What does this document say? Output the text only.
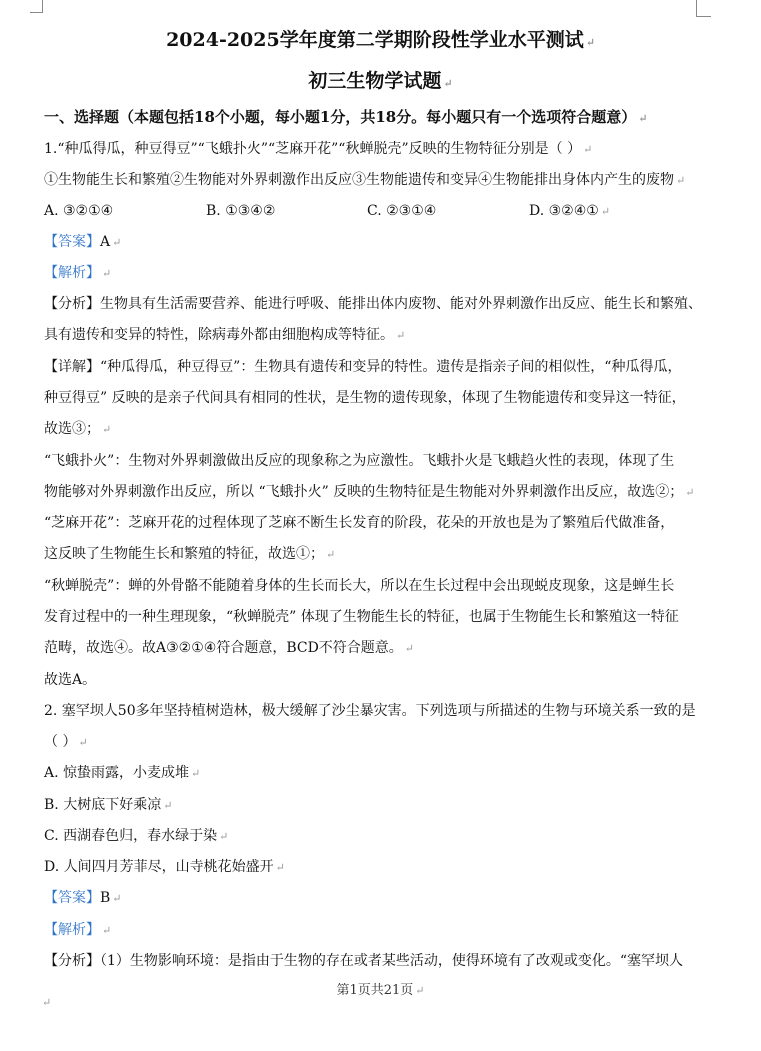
2024-2025学年度第二学期阶段性学业水平测试 ↵
初三生物学试题 ↵
一、选择题（本题包括18个小题，每小题1分，共18分。每小题只有一个选项符合题意） ↵
1.“种瓜得瓜，种豆得豆”“飞蛾扑火”“芝麻开花”“秋蝉脱壳”反映的生物特征分别是（ ） ↵
①生物能生长和繁殖②生物能对外界刺激作出反应③生物能遗传和变异④生物能排出身体内产生的废物 ↵
A. ③②①④	B. ①③④②	C. ②③①④	D. ③②④① ↵
【答案】A ↵
【解析】 ↵
【分析】生物具有生活需要营养、能进行呼吸、能排出体内废物、能对外界刺激作出反应、能生长和繁殖、
具有遗传和变异的特性，除病毒外都由细胞构成等特征。 ↵
【详解】“种瓜得瓜，种豆得豆”：生物具有遗传和变异的特性。遗传是指亲子间的相似性，“种瓜得瓜，
种豆得豆” 反映的是亲子代间具有相同的性状，是生物的遗传现象，体现了生物能遗传和变异这一特征，
故选③； ↵
“飞蛾扑火”：生物对外界刺激做出反应的现象称之为应激性。飞蛾扑火是飞蛾趋火性的表现，体现了生
物能够对外界刺激作出反应，所以 “飞蛾扑火” 反映的生物特征是生物能对外界刺激作出反应，故选②； ↵
“芝麻开花”：芝麻开花的过程体现了芝麻不断生长发育的阶段，花朵的开放也是为了繁殖后代做准备，
这反映了生物能生长和繁殖的特征，故选①； ↵
“秋蝉脱壳”：蝉的外骨骼不能随着身体的生长而长大，所以在生长过程中会出现蜕皮现象，这是蝉生长
发育过程中的一种生理现象，“秋蝉脱壳” 体现了生物能生长的特征，也属于生物能生长和繁殖这一特征
范畴，故选④。故A③②①④符合题意，BCD不符合题意。 ↵
故选A。
2. 塞罕坝人50多年坚持植树造林，极大缓解了沙尘暴灾害。下列选项与所描述的生物与环境关系一致的是
（ ） ↵
A. 惊蛰雨露，小麦成堆 ↵
B. 大树底下好乘凉 ↵
C. 西湖春色归，春水绿于染 ↵
D. 人间四月芳菲尽，山寺桃花始盛开 ↵
【答案】B ↵
【解析】 ↵
【分析】（1）生物影响环境：是指由于生物的存在或者某些活动，使得环境有了改观或变化。“塞罕坝人
第1页共21页 ↵
↵
